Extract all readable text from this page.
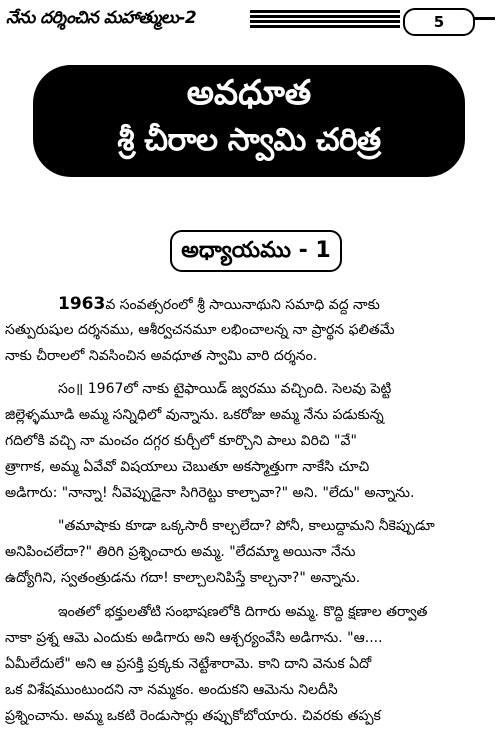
నేను దర్శించిన మహాత్ములు-2	5
అవధూత
శ్రీ చీరాల స్వామి చరిత్ర
అధ్యాయము - 1
1963వ సంవత్సరంలో శ్రీ సాయినాథుని సమాధి వద్ద నాకు
సత్పురుషుల దర్శనము, ఆశీర్వచనమూ లభించాలన్న నా ప్రార్థన ఫలితమే
నాకు చీరాలలో నివసించిన అవధూత స్వామి వారి దర్శనం.
సం॥ 1967లో నాకు టైఫాయిడ్ జ్వరము వచ్చింది. సెలవు పెట్టి
జిల్లెళ్ళమూడి అమ్మ సన్నిధిలో వున్నాను. ఒకరోజు అమ్మ నేను పడుకున్న
గదిలోకి వచ్చి నా మంచం దగ్గర కుర్చీలో కూర్చొని పాలు విరిచి "వే"
త్రాగాక, అమ్మ ఏవేవో విషయాలు చెబుతూ అకస్మాత్తుగా నాకేసి చూచి
అడిగారు: "నాన్నా! నీవెప్పుడైనా సిగిరెట్టు కాల్చావా?" అని. "లేదు" అన్నాను.
"తమాషాకు కూడా ఒక్కసారీ కాల్చలేదా? పోనీ, కాలుద్దామని నీకెప్పుడూ
అనిపించలేదా?" తిరిగి ప్రశ్నించారు అమ్మ. "లేదమ్మా అయినా నేను
ఉద్యోగిని, స్వతంత్రుడను గదా! కాల్చాలనిపిస్తే కాల్చనా?" అన్నాను.
ఇంతలో భక్తులతోటి సంభాషణలోకి దిగారు అమ్మ. కొద్ది క్షణాల తర్వాత
నాకా ప్రశ్న ఆమె ఎందుకు అడిగారు అని ఆశ్చర్యంవేసి అడిగాను. "ఆ....
ఏమీలేదులే" అని ఆ ప్రసక్తి ప్రక్కకు నెట్టేశారామె. కాని దాని వెనుక ఏదో
ఒక విశేషముంటుందని నా నమ్మకం. అందుకని ఆమెను నిలదీసి
ప్రశ్నించాను. అమ్మ ఒకటి రెండుసార్లు తప్పుకోబోయారు. చివరకు తప్పక
